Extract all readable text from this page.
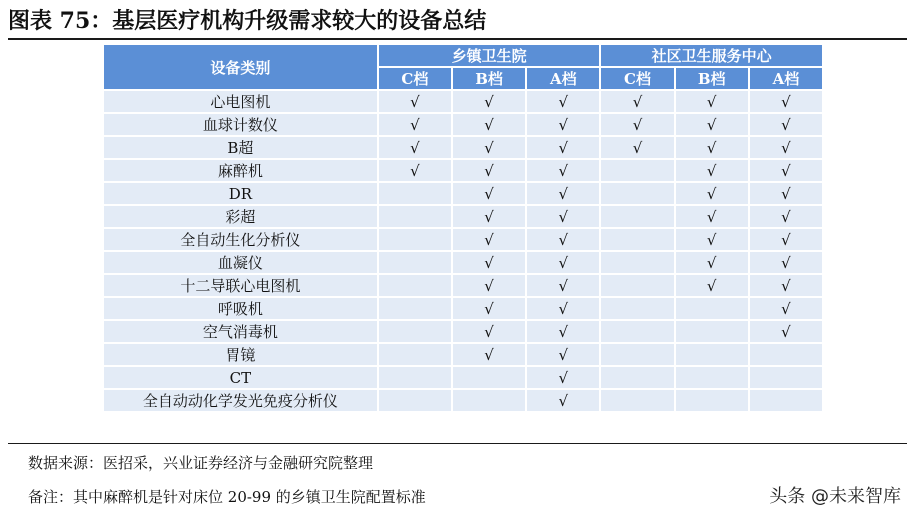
图表 75：基层医疗机构升级需求较大的设备总结
设备类别	乡镇卫生院			社区卫生服务中心		
	C档	B档	A档	C档	B档	A档
心电图机	√	√	√	√	√	√
血球计数仪	√	√	√	√	√	√
B超	√	√	√	√	√	√
麻醉机	√	√	√		√	√
DR		√	√		√	√
彩超		√	√		√	√
全自动生化分析仪		√	√		√	√
血凝仪		√	√		√	√
十二导联心电图机		√	√		√	√
呼吸机		√	√			√
空气消毒机		√	√			√
胃镜		√	√			
CT			√			
全自动动化学发光免疫分析仪			√			
数据来源：医招采，兴业证券经济与金融研究院整理
备注：其中麻醉机是针对床位 20-99 的乡镇卫生院配置标准	头条 @未来智库
